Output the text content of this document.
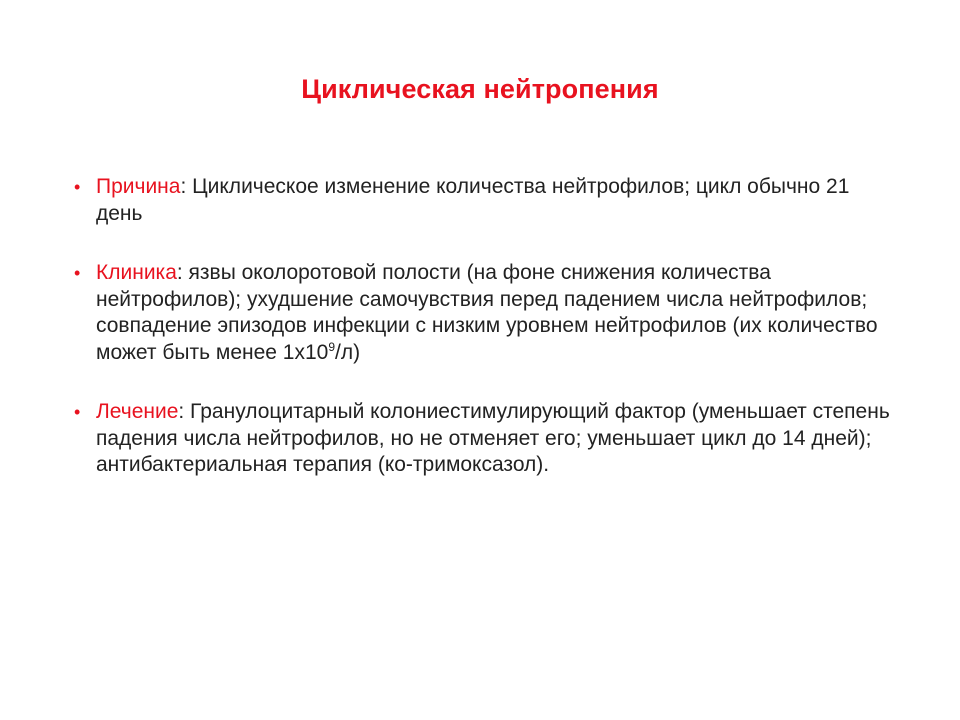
Циклическая нейтропения
• Причина: Циклическое изменение количества нейтрофилов; цикл обычно 21 день
• Клиника: язвы околоротовой полости (на фоне снижения количества нейтрофилов); ухудшение самочувствия перед падением числа нейтрофилов; совпадение эпизодов инфекции с низким уровнем нейтрофилов (их количество может быть менее $1х10^9/л$)
• Лечение: Гранулоцитарный колониестимулирующий фактор (уменьшает степень падения числа нейтрофилов, но не отменяет его; уменьшает цикл до 14 дней); антибактериальная терапия (ко-тримоксазол).
